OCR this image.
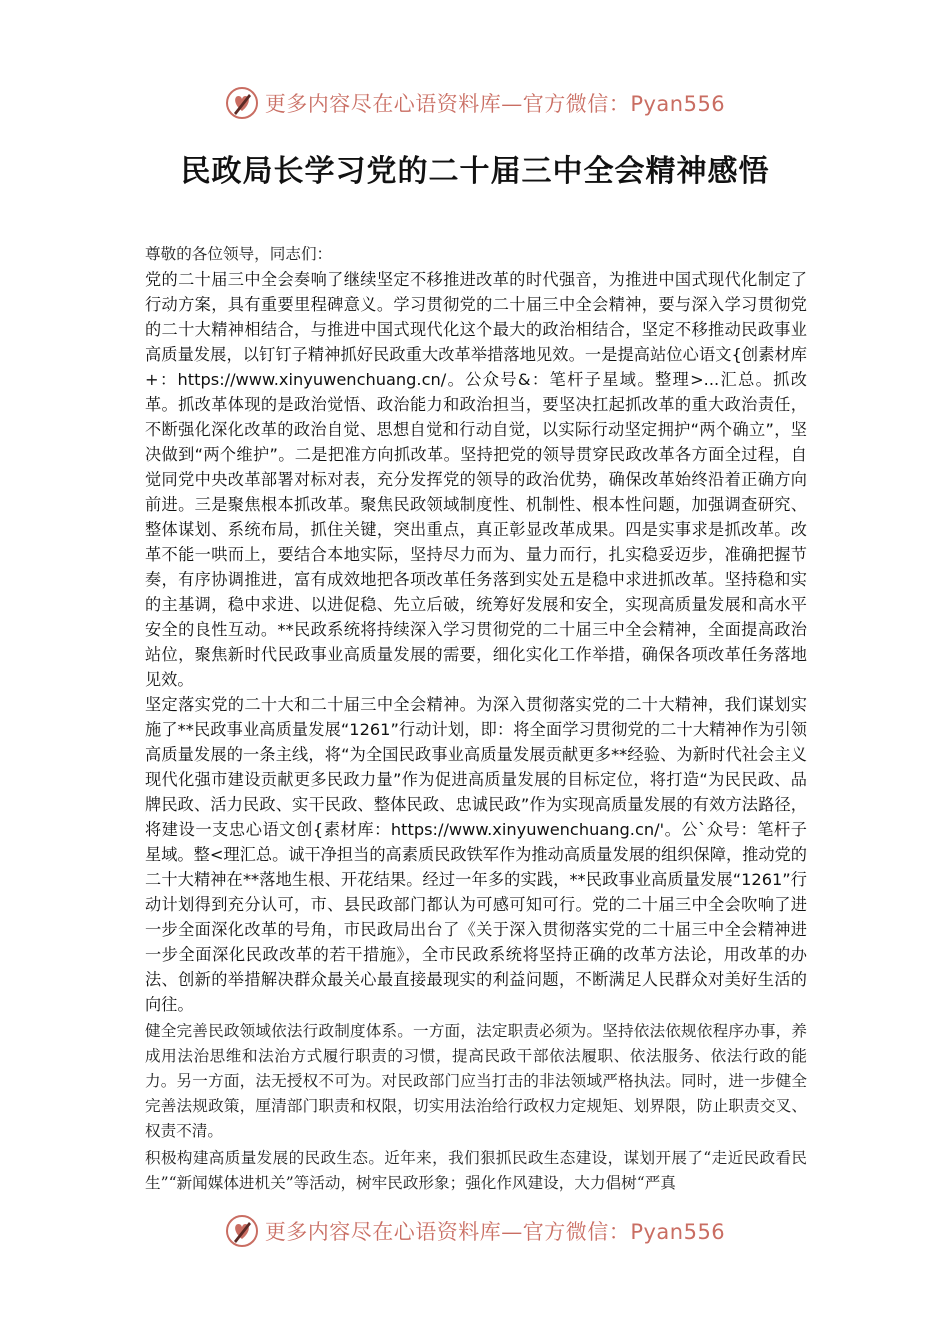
更多内容尽在心语资料库—官方微信：Pyan556
民政局长学习党的二十届三中全会精神感悟

尊敬的各位领导，同志们：

党的二十届三中全会奏响了继续坚定不移推进改革的时代强音，为推进中国式现代化制定了行动方案，具有重要里程碑意义。学习贯彻党的二十届三中全会精神，要与深入学习贯彻党的二十大精神相结合，与推进中国式现代化这个最大的政治相结合，坚定不移推动民政事业高质量发展，以钉钉子精神抓好民政重大改革举措落地见效。一是提高站位心语文{创素材库+：https://www.xinyuwenchuang.cn/。公众号&：笔杆子星域。整理>...汇总。抓改革。抓改革体现的是政治觉悟、政治能力和政治担当，要坚决扛起抓改革的重大政治责任，不断强化深化改革的政治自觉、思想自觉和行动自觉，以实际行动坚定拥护“两个确立”，坚决做到“两个维护”。二是把准方向抓改革。坚持把党的领导贯穿民政改革各方面全过程，自觉同党中央改革部署对标对表，充分发挥党的领导的政治优势，确保改革始终沿着正确方向前进。三是聚焦根本抓改革。聚焦民政领域制度性、机制性、根本性问题，加强调查研究、整体谋划、系统布局，抓住关键，突出重点，真正彰显改革成果。四是实事求是抓改革。改革不能一哄而上，要结合本地实际，坚持尽力而为、量力而行，扎实稳妥迈步，准确把握节奏，有序协调推进，富有成效地把各项改革任务落到实处五是稳中求进抓改革。坚持稳和实的主基调，稳中求进、以进促稳、先立后破，统筹好发展和安全，实现高质量发展和高水平安全的良性互动。**民政系统将持续深入学习贯彻党的二十届三中全会精神，全面提高政治站位，聚焦新时代民政事业高质量发展的需要，细化实化工作举措，确保各项改革任务落地见效。

坚定落实党的二十大和二十届三中全会精神。为深入贯彻落实党的二十大精神，我们谋划实施了**民政事业高质量发展“1261”行动计划，即：将全面学习贯彻党的二十大精神作为引领高质量发展的一条主线，将“为全国民政事业高质量发展贡献更多**经验、为新时代社会主义现代化强市建设贡献更多民政力量”作为促进高质量发展的目标定位，将打造“为民民政、品牌民政、活力民政、实干民政、整体民政、忠诚民政”作为实现高质量发展的有效方法路径，将建设一支忠心语文创{素材库：https://www.xinyuwenchuang.cn/'。公`众号：笔杆子星域。整<理汇总。诚干净担当的高素质民政铁军作为推动高质量发展的组织保障，推动党的二十大精神在**落地生根、开花结果。经过一年多的实践，**民政事业高质量发展“1261”行动计划得到充分认可，市、县民政部门都认为可感可知可行。党的二十届三中全会吹响了进一步全面深化改革的号角，市民政局出台了《关于深入贯彻落实党的二十届三中全会精神进一步全面深化民政改革的若干措施》，全市民政系统将坚持正确的改革方法论，用改革的办法、创新的举措解决群众最关心最直接最现实的利益问题，不断满足人民群众对美好生活的向往。

健全完善民政领域依法行政制度体系。一方面，法定职责必须为。坚持依法依规依程序办事，养成用法治思维和法治方式履行职责的习惯，提高民政干部依法履职、依法服务、依法行政的能力。另一方面，法无授权不可为。对民政部门应当打击的非法领域严格执法。同时，进一步健全完善法规政策，厘清部门职责和权限，切实用法治给行政权力定规矩、划界限，防止职责交叉、权责不清。

积极构建高质量发展的民政生态。近年来，我们狠抓民政生态建设，谋划开展了“走近民政看民生”“新闻媒体进机关”等活动，树牢民政形象；强化作风建设，大力倡树“严真

更多内容尽在心语资料库—官方微信：Pyan556
